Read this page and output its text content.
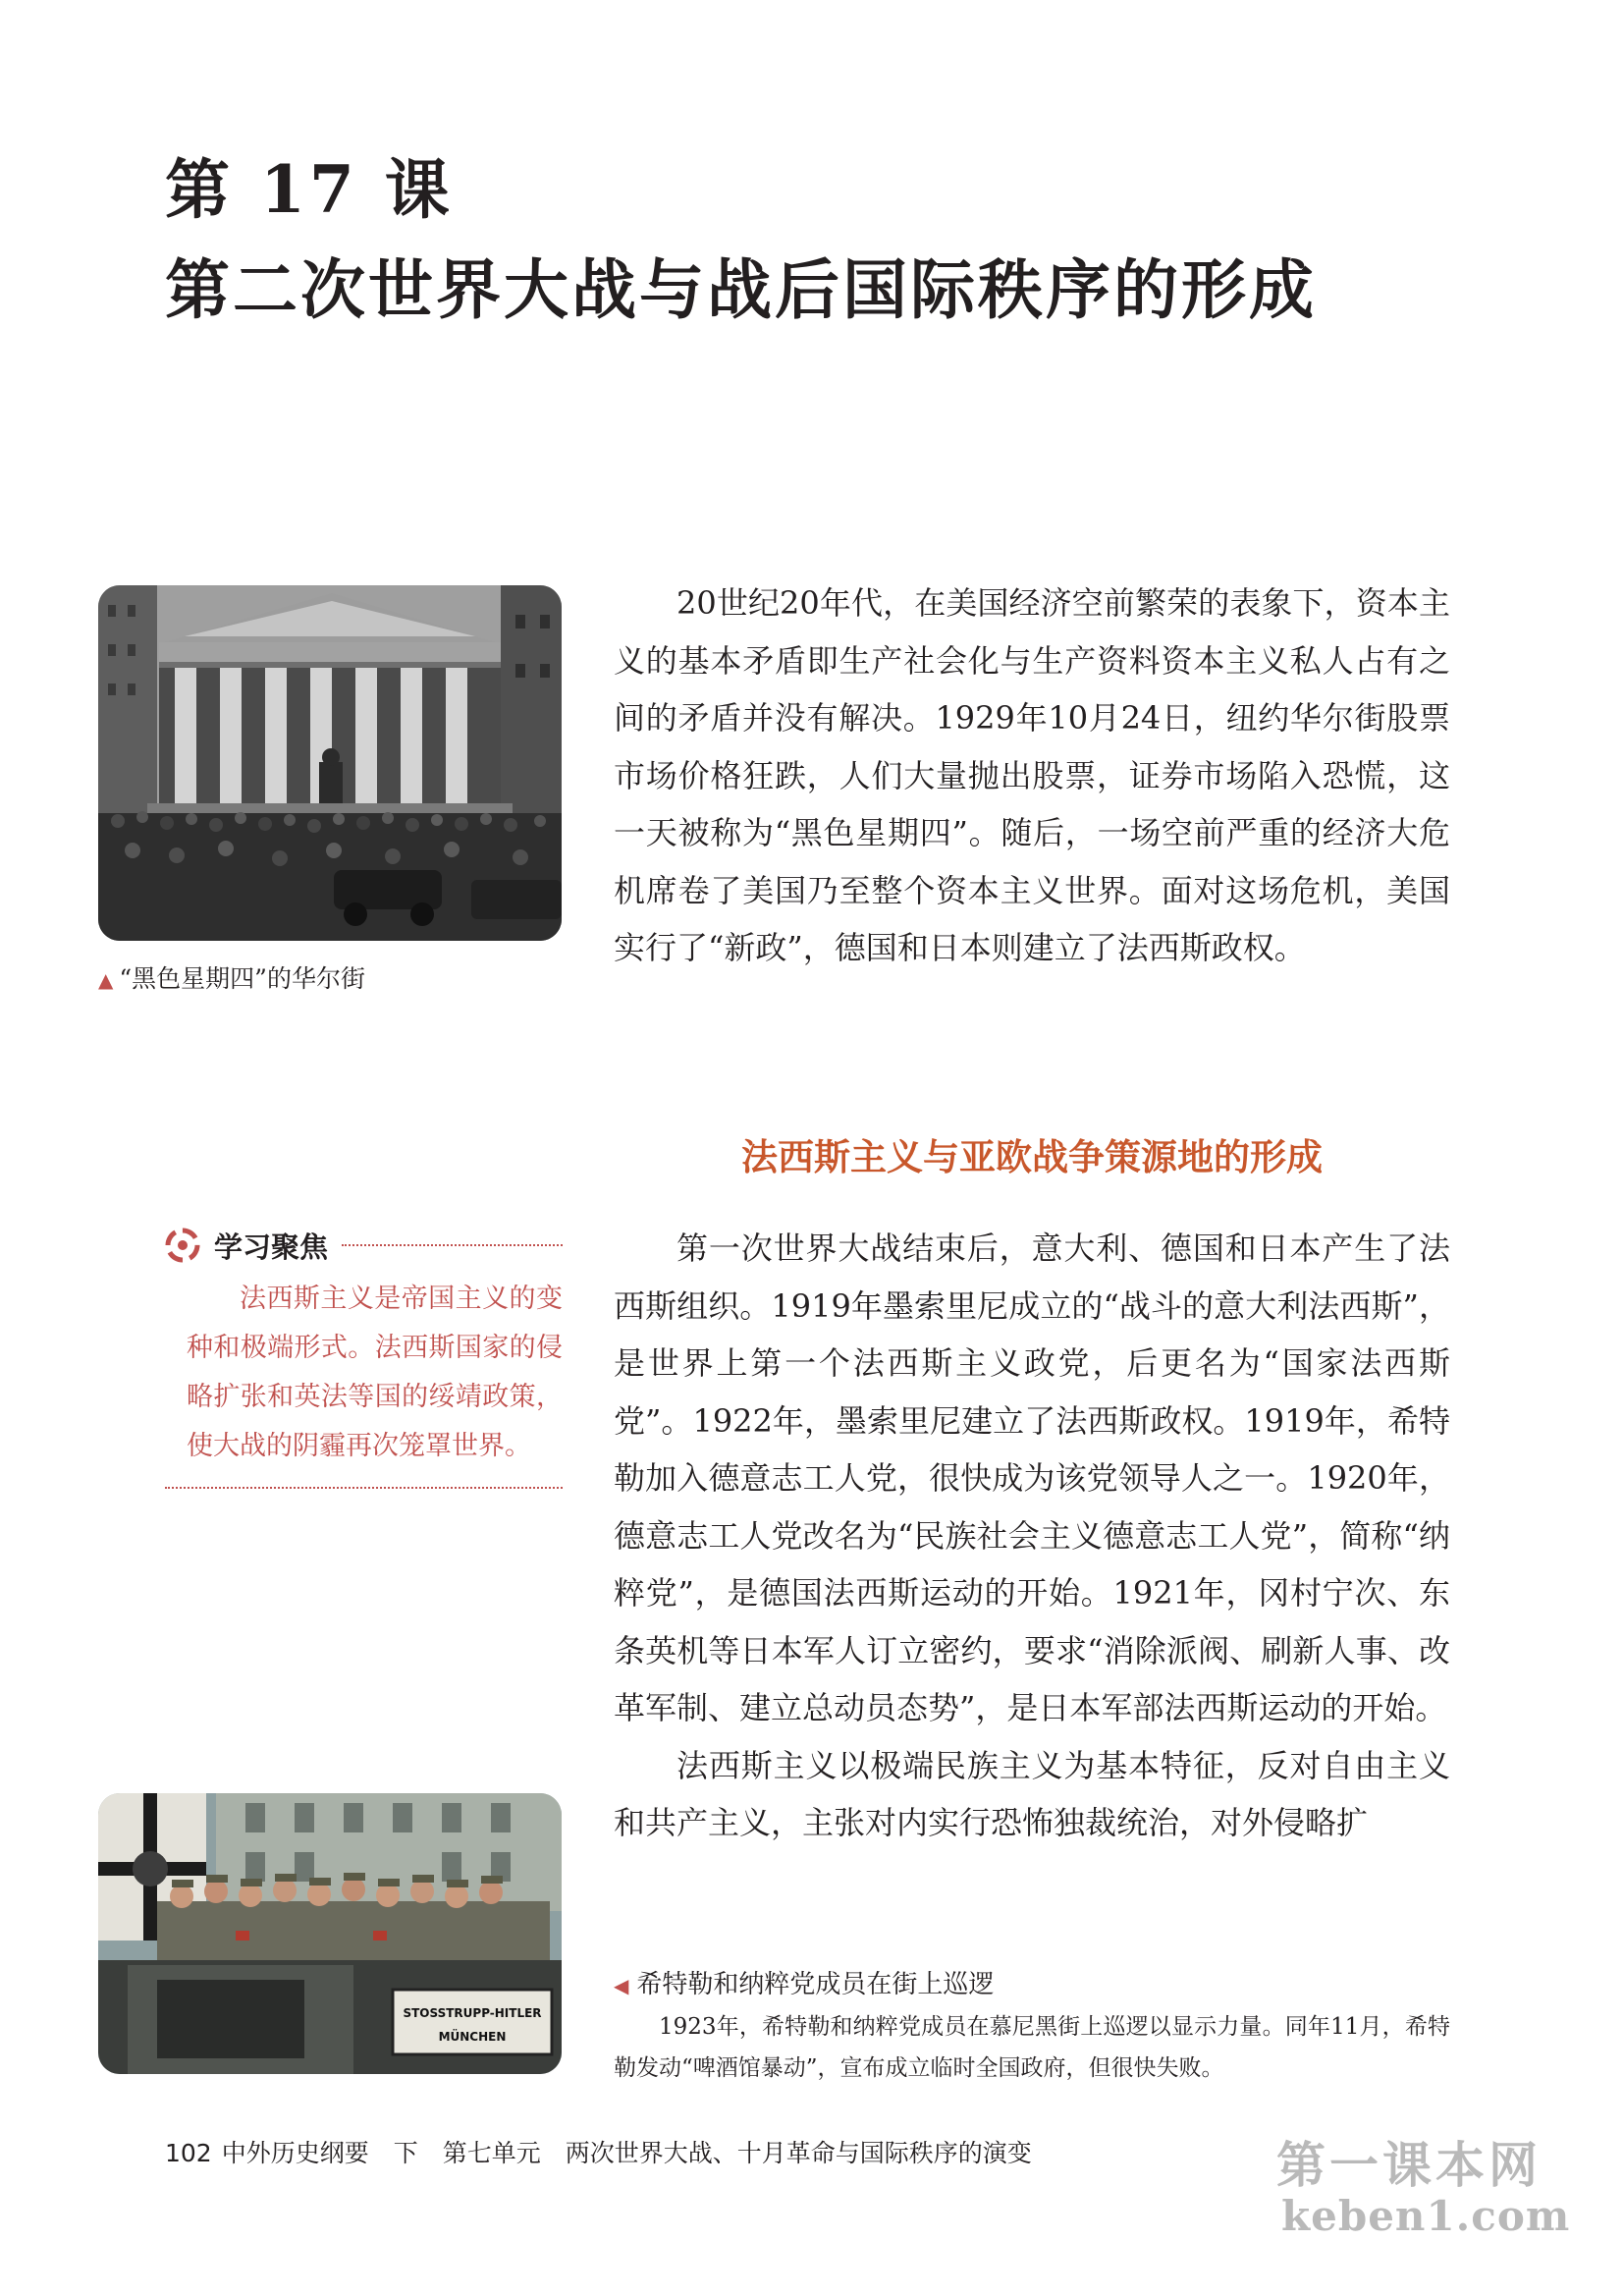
第 17 课
第二次世界大战与战后国际秩序的形成
▲ “黑色星期四”的华尔街

20世纪20年代，在美国经济空前繁荣的表象下，资本主义的基本矛盾即生产社会化与生产资料资本主义私人占有之间的矛盾并没有解决。1929年10月24日，纽约华尔街股票市场价格狂跌，人们大量抛出股票，证券市场陷入恐慌，这一天被称为“黑色星期四”。随后，一场空前严重的经济大危机席卷了美国乃至整个资本主义世界。面对这场危机，美国实行了“新政”，德国和日本则建立了法西斯政权。

法西斯主义与亚欧战争策源地的形成
学习聚焦

法西斯主义是帝国主义的变种和极端形式。法西斯国家的侵略扩张和英法等国的绥靖政策，使大战的阴霾再次笼罩世界。

第一次世界大战结束后，意大利、德国和日本产生了法西斯组织。1919年墨索里尼成立的“战斗的意大利法西斯”，是世界上第一个法西斯主义政党，后更名为“国家法西斯党”。1922年，墨索里尼建立了法西斯政权。1919年，希特勒加入德意志工人党，很快成为该党领导人之一。1920年，德意志工人党改名为“民族社会主义德意志工人党”，简称“纳粹党”，是德国法西斯运动的开始。1921年，冈村宁次、东条英机等日本军人订立密约，要求“消除派阀、刷新人事、改革军制、建立总动员态势”，是日本军部法西斯运动的开始。

法西斯主义以极端民族主义为基本特征，反对自由主义和共产主义，主张对内实行恐怖独裁统治，对外侵略扩

STOSSTRUPP-HITLER
MÜNCHEN
◀ 希特勒和纳粹党成员在街上巡逻

1923年，希特勒和纳粹党成员在慕尼黑街上巡逻以显示力量。同年11月，希特勒发动“啤酒馆暴动”，宣布成立临时全国政府，但很快失败。

102 中外历史纲要　下　第七单元　两次世界大战、十月革命与国际秩序的演变	第一课本网
keben1.com
